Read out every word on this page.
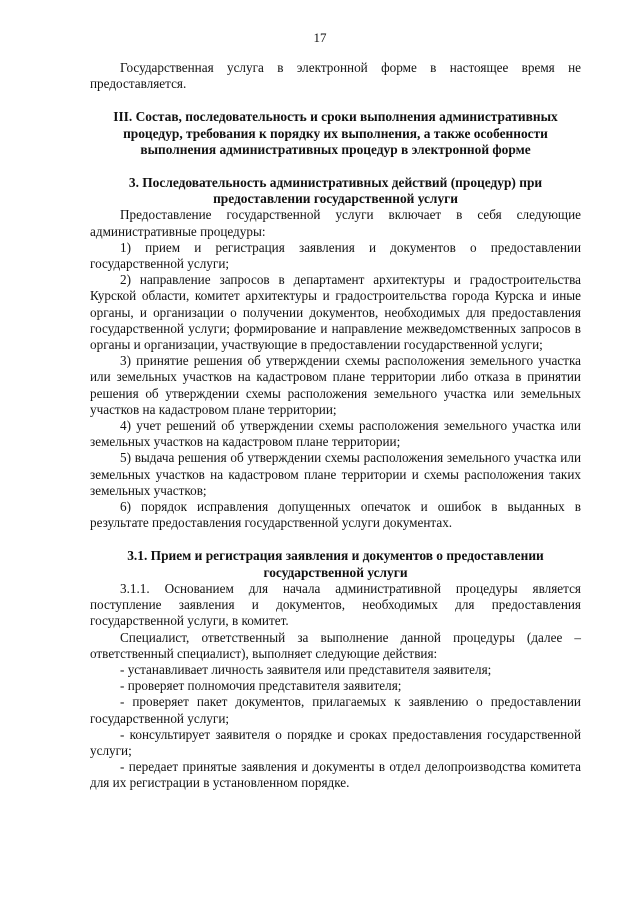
17

Государственная услуга в электронной форме в настоящее время не предоставляется.

III. Состав, последовательность и сроки выполнения административных процедур, требования к порядку их выполнения, а также особенности выполнения административных процедур в электронной форме
3. Последовательность административных действий (процедур) при предоставлении государственной услуги

Предоставление государственной услуги включает в себя следующие административные процедуры:

1) прием и регистрация заявления и документов о предоставлении государственной услуги;

2) направление запросов в департамент архитектуры и градостроительства Курской области, комитет архитектуры и градостроительства города Курска и иные органы, и организации о получении документов, необходимых для предоставления государственной услуги; формирование и направление межведомственных запросов в органы и организации, участвующие в предоставлении государственной услуги;

3) принятие решения об утверждении схемы расположения земельного участка или земельных участков на кадастровом плане территории либо отказа в принятии решения об утверждении схемы расположения земельного участка или земельных участков на кадастровом плане территории;

4) учет решений об утверждении схемы расположения земельного участка или земельных участков на кадастровом плане территории;

5) выдача решения об утверждении схемы расположения земельного участка или земельных участков на кадастровом плане территории и схемы расположения таких земельных участков;

6) порядок исправления допущенных опечаток и ошибок в выданных в результате предоставления государственной услуги документах.

3.1. Прием и регистрация заявления и документов о предоставлении государственной услуги

3.1.1. Основанием для начала административной процедуры является поступление заявления и документов, необходимых для предоставления государственной услуги, в комитет.

Специалист, ответственный за выполнение данной процедуры (далее – ответственный специалист), выполняет следующие действия:

- устанавливает личность заявителя или представителя заявителя;

- проверяет полномочия представителя заявителя;

- проверяет пакет документов, прилагаемых к заявлению о предоставлении государственной услуги;

- консультирует заявителя о порядке и сроках предоставления государственной услуги;

- передает принятые заявления и документы в отдел делопроизводства комитета для их регистрации в установленном порядке.
